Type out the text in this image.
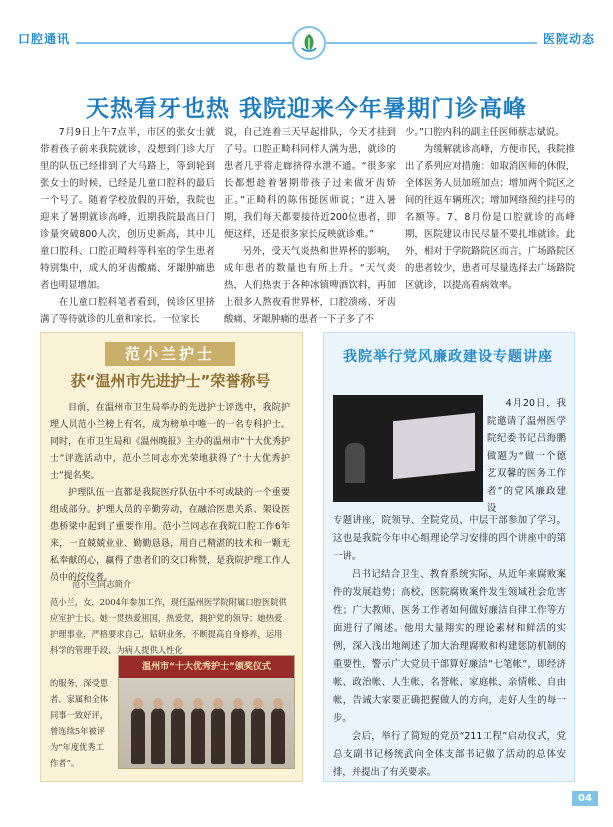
口腔通讯	医院动态
天热看牙也热 我院迎来今年暑期门诊高峰

7月9日上午7点半，市区的张女士就带着孩子前来我院就诊，没想到门诊大厅里的队伍已经排到了大马路上，等到轮到张女士的时候，已经是儿童口腔科的最后一个号了。随着学校放假的开始，我院也迎来了暑期就诊高峰，近期我院最高日门诊量突破800人次，创历史新高，其中儿童口腔科、口腔正畸科等科室的学生患者特别集中，成人的牙齿酸痛、牙龈肿痛患者也明显增加。

在儿童口腔科笔者看到，侯诊区里挤满了等待就诊的儿童和家长。一位家长

说，自己连着三天早起排队，今天才挂到了号。口腔正畸科同样人满为患，就诊的患者几乎将走廊挤得水泄不通。“很多家长都想趁着暑期带孩子过来做牙齿矫正。”正畸科的陈伟挺医师说；“进入暑期，我们每天都要接待近200位患者，即便这样，还是很多家长反映就诊难。”

另外，受天气炎热和世界杯的影响，成年患者的数量也有所上升。“天气炎热，人们热衷于各种冰镇啤酒饮料，再加上很多人熬夜看世界杯，口腔溃疡、牙齿酸痛、牙龈肿痛的患者一下子多了不

少。”口腔内科的副主任医师蔡志斌说。

为缓解就诊高峰，方便市民，我院推出了系列应对措施：如取消医师的休假，全体医务人员加班加点；增加两个院区之间的往返车辆班次；增加网络预约挂号的名额等。7、8月份是口腔就诊的高峰期，医院建议市民尽量不要扎堆就诊。此外，相对于学院路院区而言，广场路院区的患者较少，患者可尽量选择去广场路院区就诊，以提高看病效率。

范小兰护士
获“温州市先进护士”荣誉称号

目前，在温州市卫生局举办的先进护士评选中，我院护理人员范小兰榜上有名，成为榜单中唯一的一名专科护士。同时，在市卫生局和《温州晚报》主办的温州市“十大优秀护士”评选活动中，范小兰同志亦光荣地获得了“十大优秀护士”提名奖。

护理队伍一直都是我院医疗队伍中不可或缺的一个重要组成部分。护理人员的辛勤劳动，在融洽医患关系、架设医患桥梁中起到了重要作用。范小兰同志在我院口腔工作6年来，一直兢兢业业、勤勤恳恳，用自己精湛的技术和一颗无私奉献的心，赢得了患者们的交口称赞，是我院护理工作人员中的佼佼者。

范小兰同志简介
范小兰，女，2004年参加工作，现任温州医学院附属口腔医院供应室护士长。她一贯热爱祖国，热爱党，拥护党的领导；她热爱护理事业，严格要求自己，钻研业务，不断提高自身修养，运用科学的管理手段，为病人提供人性化
的服务，深受患者、家属和全体同事一致好评，曾连续5年被评为“年度优秀工作者”。
温州市“十大优秀护士”颁奖仪式
我院举行党风廉政建设专题讲座
4月20日，我院邀请了温州医学院纪委书记吕海鹏做题为“做一个德艺双馨的医务工作者”的党风廉政建设

专题讲座，院领导、全院党员、中层干部参加了学习。这也是我院今年中心组理论学习安排的四个讲座中的第一讲。

吕书记结合卫生、教育系统实际，从近年来腐败案件的发展趋势；高校、医院腐败案件发生领域社会危害性；广大教师、医务工作者如何做好廉洁自律工作等方面进行了阐述。他用大量翔实的理论素材和鲜活的实例，深入浅出地阐述了加大治理腐败和构建惩防机制的重要性，警示广大党员干部算好廉洁“七笔帐”，即经济帐、政治帐、人生帐、名誉帐、家庭帐、亲情帐、自由帐，告诫大家要正确把握做人的方向，走好人生的每一步。

会后，举行了简短的党员“211工程”启动仪式，党总支副书记杨统武向全体支部书记做了活动的总体安排，并提出了有关要求。

04
